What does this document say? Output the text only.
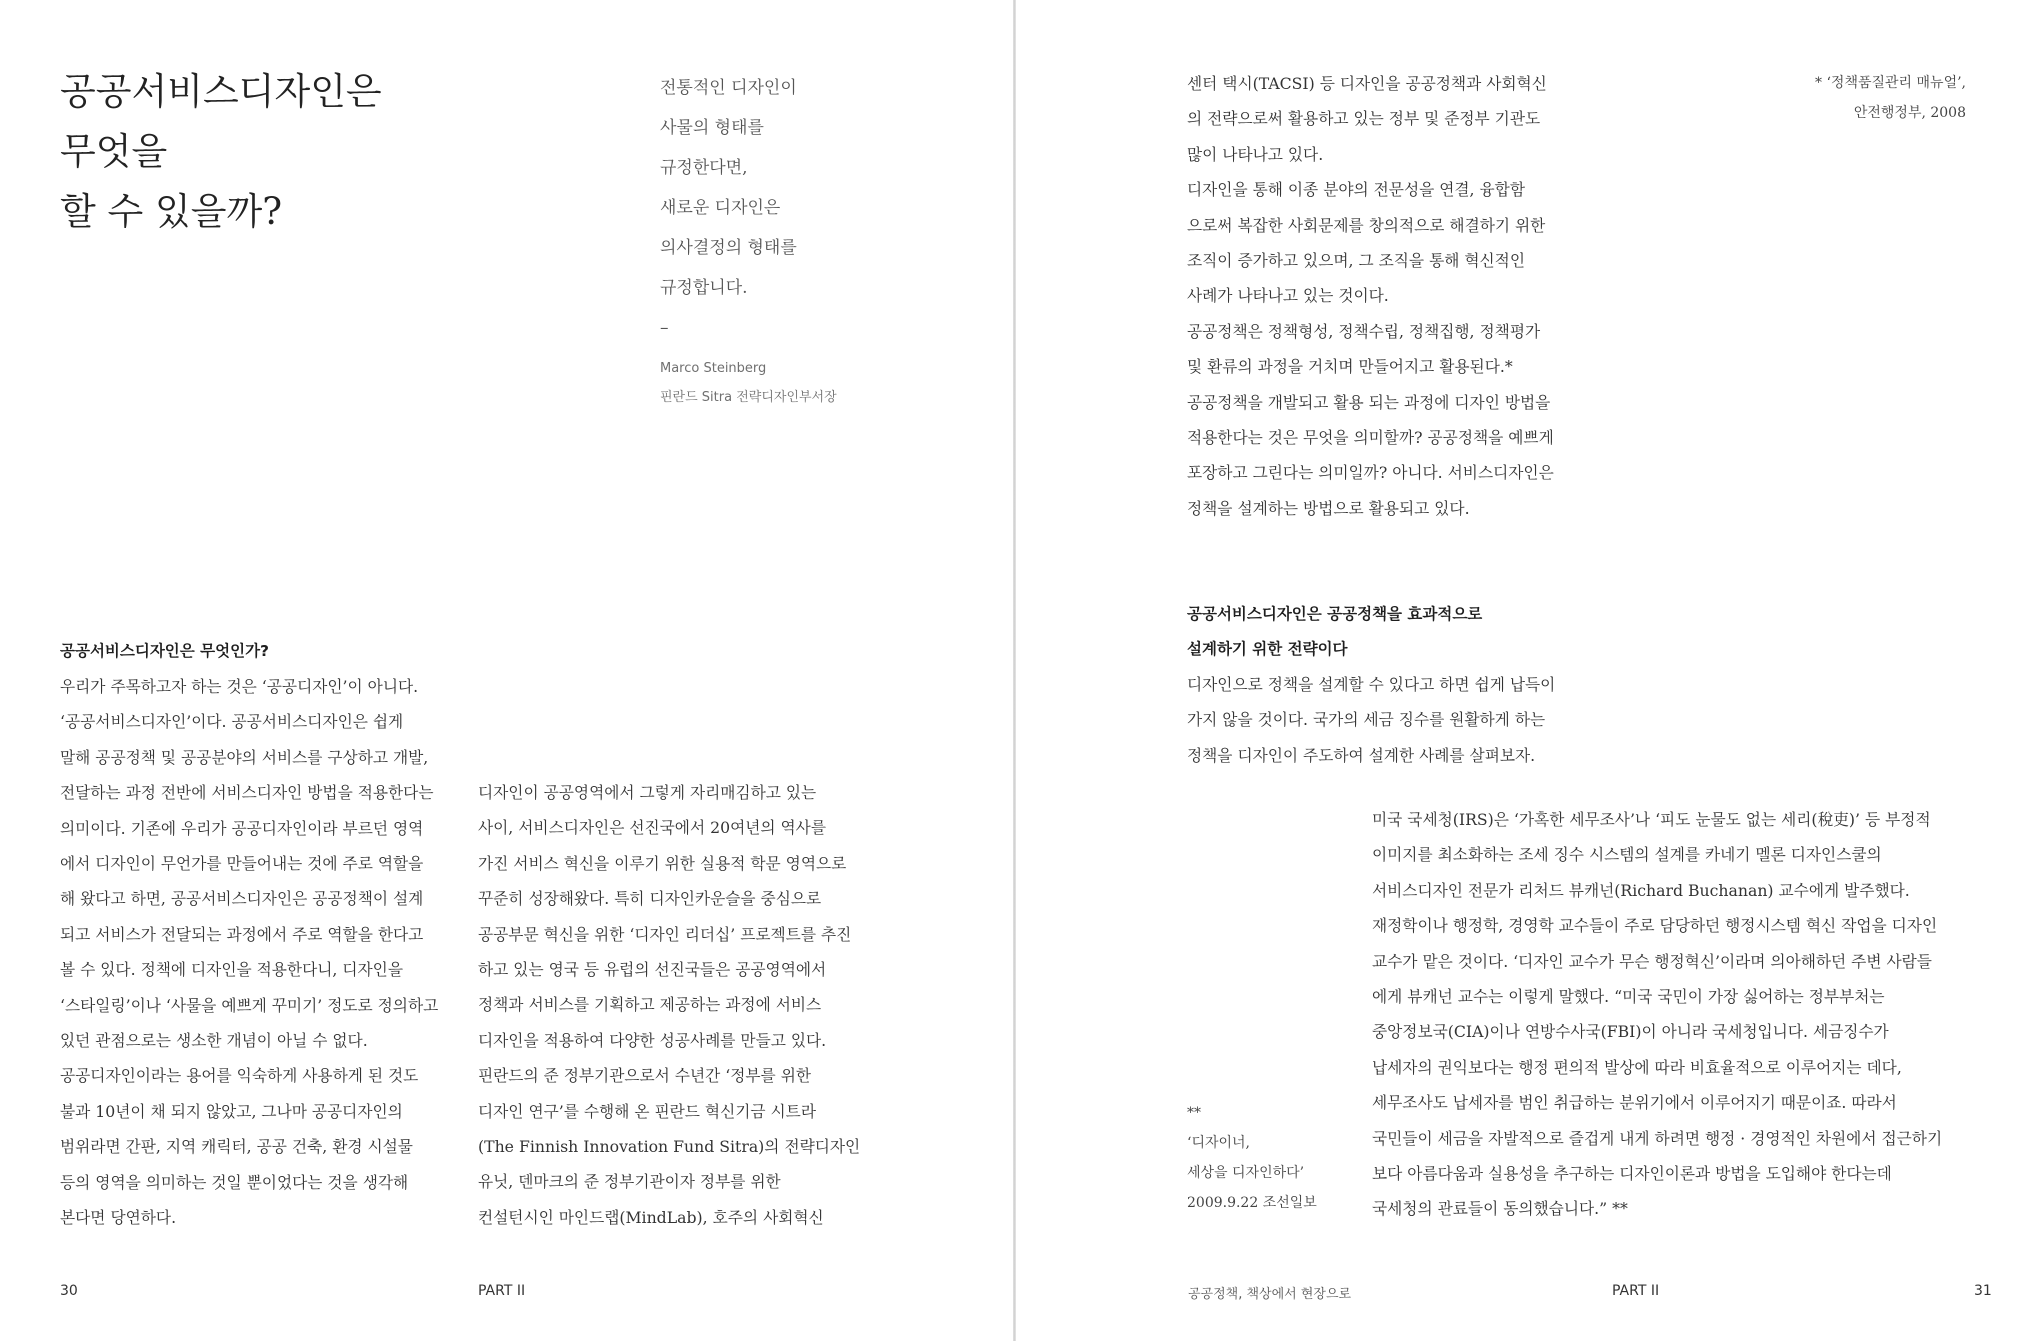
공공서비스디자인은
무엇을
할 수 있을까?
전통적인 디자인이
사물의 형태를
규정한다면,
새로운 디자인은
의사결정의 형태를
규정합니다.
–
Marco Steinberg
핀란드 Sitra 전략디자인부서장
공공서비스디자인은 무엇인가?
우리가 주목하고자 하는 것은 ‘공공디자인’이 아니다.
‘공공서비스디자인’이다. 공공서비스디자인은 쉽게
말해 공공정책 및 공공분야의 서비스를 구상하고 개발,
전달하는 과정 전반에 서비스디자인 방법을 적용한다는
의미이다. 기존에 우리가 공공디자인이라 부르던 영역
에서 디자인이 무언가를 만들어내는 것에 주로 역할을
해 왔다고 하면, 공공서비스디자인은 공공정책이 설계
되고 서비스가 전달되는 과정에서 주로 역할을 한다고
볼 수 있다. 정책에 디자인을 적용한다니, 디자인을
‘스타일링’이나 ‘사물을 예쁘게 꾸미기’ 정도로 정의하고
있던 관점으로는 생소한 개념이 아닐 수 없다.
공공디자인이라는 용어를 익숙하게 사용하게 된 것도
불과 10년이 채 되지 않았고, 그나마 공공디자인의
범위라면 간판, 지역 캐릭터, 공공 건축, 환경 시설물
등의 영역을 의미하는 것일 뿐이었다는 것을 생각해
본다면 당연하다.
디자인이 공공영역에서 그렇게 자리매김하고 있는
사이, 서비스디자인은 선진국에서 20여년의 역사를
가진 서비스 혁신을 이루기 위한 실용적 학문 영역으로
꾸준히 성장해왔다. 특히 디자인카운슬을 중심으로
공공부문 혁신을 위한 ‘디자인 리더십’ 프로젝트를 추진
하고 있는 영국 등 유럽의 선진국들은 공공영역에서
정책과 서비스를 기획하고 제공하는 과정에 서비스
디자인을 적용하여 다양한 성공사례를 만들고 있다.
핀란드의 준 정부기관으로서 수년간 ‘정부를 위한
디자인 연구’를 수행해 온 핀란드 혁신기금 시트라
(The Finnish Innovation Fund Sitra)의 전략디자인
유닛, 덴마크의 준 정부기관이자 정부를 위한
컨설턴시인 마인드랩(MindLab), 호주의 사회혁신
30	PART II
센터 택시(TACSI) 등 디자인을 공공정책과 사회혁신
의 전략으로써 활용하고 있는 정부 및 준정부 기관도
많이 나타나고 있다.
디자인을 통해 이종 분야의 전문성을 연결, 융합함
으로써 복잡한 사회문제를 창의적으로 해결하기 위한
조직이 증가하고 있으며, 그 조직을 통해 혁신적인
사례가 나타나고 있는 것이다.
공공정책은 정책형성, 정책수립, 정책집행, 정책평가
및 환류의 과정을 거치며 만들어지고 활용된다.*
공공정책을 개발되고 활용 되는 과정에 디자인 방법을
적용한다는 것은 무엇을 의미할까? 공공정책을 예쁘게
포장하고 그린다는 의미일까? 아니다. 서비스디자인은
정책을 설계하는 방법으로 활용되고 있다.
* ‘정책품질관리 매뉴얼’,
안전행정부, 2008
공공서비스디자인은 공공정책을 효과적으로
설계하기 위한 전략이다
디자인으로 정책을 설계할 수 있다고 하면 쉽게 납득이
가지 않을 것이다. 국가의 세금 징수를 원활하게 하는
정책을 디자인이 주도하여 설계한 사례를 살펴보자.
미국 국세청(IRS)은 ‘가혹한 세무조사’나 ‘피도 눈물도 없는 세리(稅吏)’ 등 부정적
이미지를 최소화하는 조세 징수 시스템의 설계를 카네기 멜론 디자인스쿨의
서비스디자인 전문가 리처드 뷰캐넌(Richard Buchanan) 교수에게 발주했다.
재정학이나 행정학, 경영학 교수들이 주로 담당하던 행정시스템 혁신 작업을 디자인
교수가 맡은 것이다. ‘디자인 교수가 무슨 행정혁신’이라며 의아해하던 주변 사람들
에게 뷰캐넌 교수는 이렇게 말했다. “미국 국민이 가장 싫어하는 정부부처는
중앙정보국(CIA)이나 연방수사국(FBI)이 아니라 국세청입니다. 세금징수가
납세자의 권익보다는 행정 편의적 발상에 따라 비효율적으로 이루어지는 데다,
세무조사도 납세자를 범인 취급하는 분위기에서 이루어지기 때문이죠. 따라서
국민들이 세금을 자발적으로 즐겁게 내게 하려면 행정 · 경영적인 차원에서 접근하기
보다 아름다움과 실용성을 추구하는 디자인이론과 방법을 도입해야 한다는데
국세청의 관료들이 동의했습니다.” **
**
‘디자이너,
세상을 디자인하다’
2009.9.22 조선일보
공공정책, 책상에서 현장으로	PART II	31
